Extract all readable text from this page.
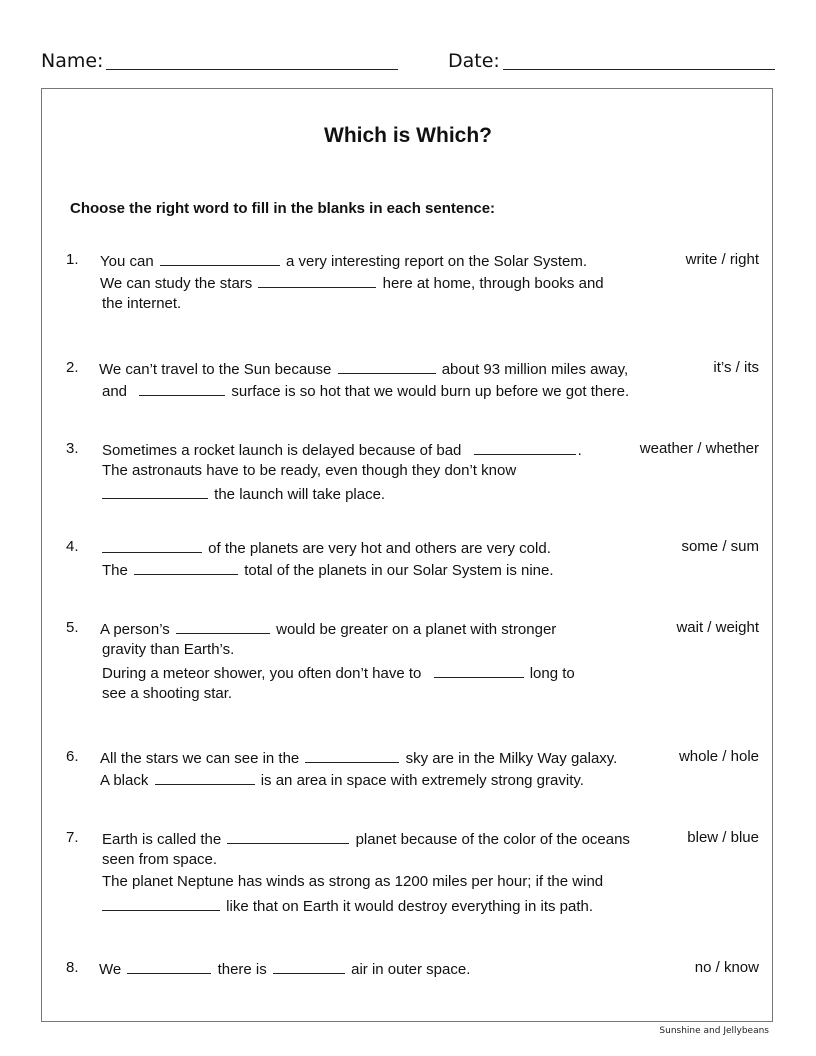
Name:	Date:
Which is Which?
Choose the right word to fill in the blanks in each sentence:
1.	write / right
You can	a very interesting report on the Solar System.
We can study the stars	here at home, through books and
the internet.
2.	it’s / its
We can’t travel to the Sun because	about 93 million miles away,
and	surface is so hot that we would burn up before we got there.
3.	weather / whether
Sometimes a rocket launch is delayed because of bad	.
The astronauts have to be ready, even though they don’t know
the launch will take place.
4.	some / sum
of the planets are very hot and others are very cold.
The	total of the planets in our Solar System is nine.
5.	wait / weight
A person’s	would be greater on a planet with stronger
gravity than Earth’s.
During a meteor shower, you often don’t have to	long to
see a shooting star.
6.	whole / hole
All the stars we can see in the	sky are in the Milky Way galaxy.
A black	is an area in space with extremely strong gravity.
7.	blew / blue
Earth is called the	planet because of the color of the oceans
seen from space.
The planet Neptune has winds as strong as 1200 miles per hour; if the wind
like that on Earth it would destroy everything in its path.
8.	no / know
We	there is	air in outer space.
Sunshine and Jellybeans
